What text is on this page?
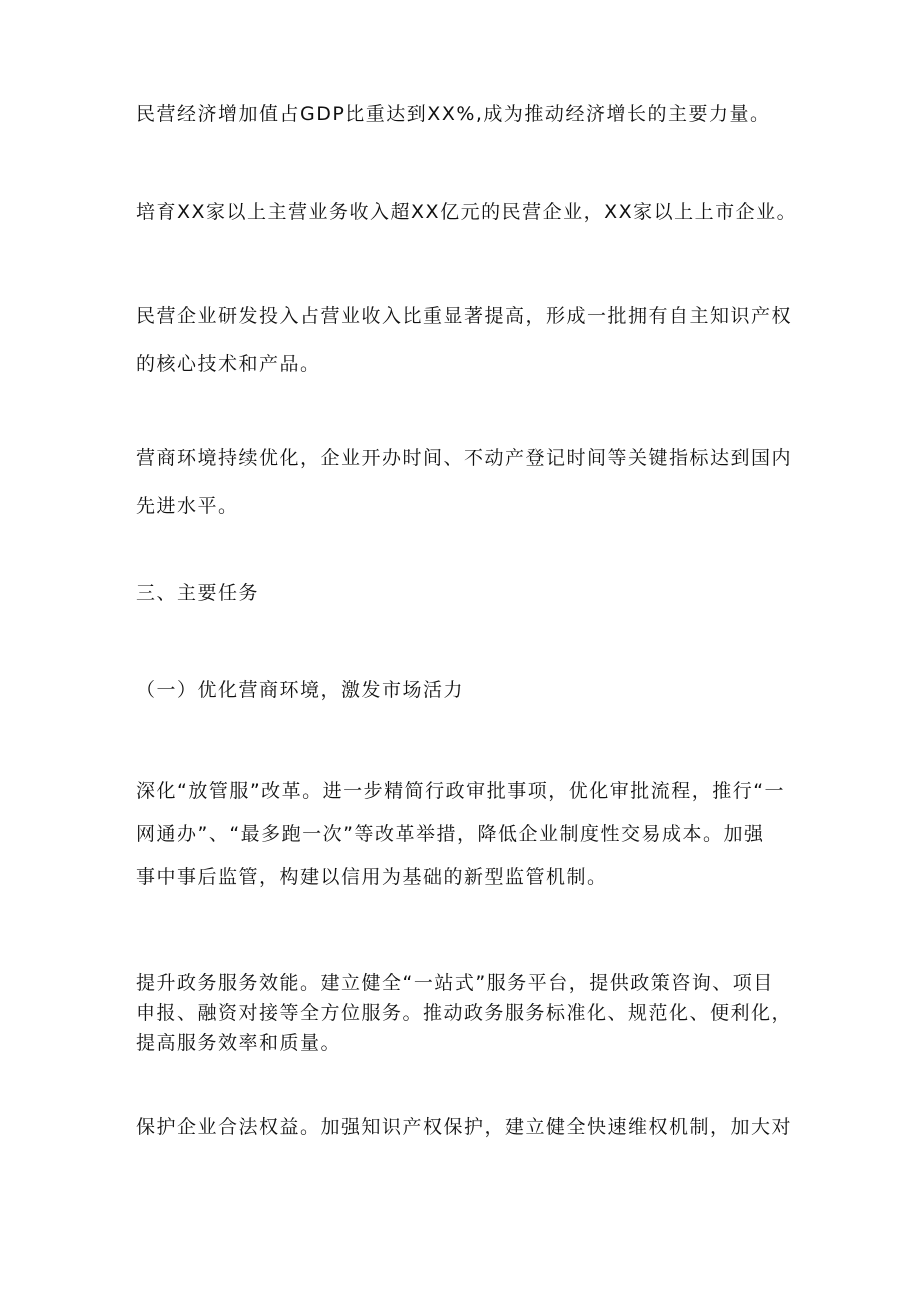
民营经济增加值占GDP比重达到XX%,成为推动经济增长的主要力量。

培育XX家以上主营业务收入超XX亿元的民营企业，XX家以上上市企业。

民营企业研发投入占营业收入比重显著提高，形成一批拥有自主知识产权
的核心技术和产品。

营商环境持续优化，企业开办时间、不动产登记时间等关键指标达到国内
先进水平。

三、主要任务

（一）优化营商环境，激发市场活力

深化“放管服”改革。进一步精简行政审批事项，优化审批流程，推行“一
网通办”、“最多跑一次”等改革举措，降低企业制度性交易成本。加强
事中事后监管，构建以信用为基础的新型监管机制。

提升政务服务效能。建立健全“一站式”服务平台，提供政策咨询、项目
申报、融资对接等全方位服务。推动政务服务标准化、规范化、便利化，
提高服务效率和质量。

保护企业合法权益。加强知识产权保护，建立健全快速维权机制，加大对
